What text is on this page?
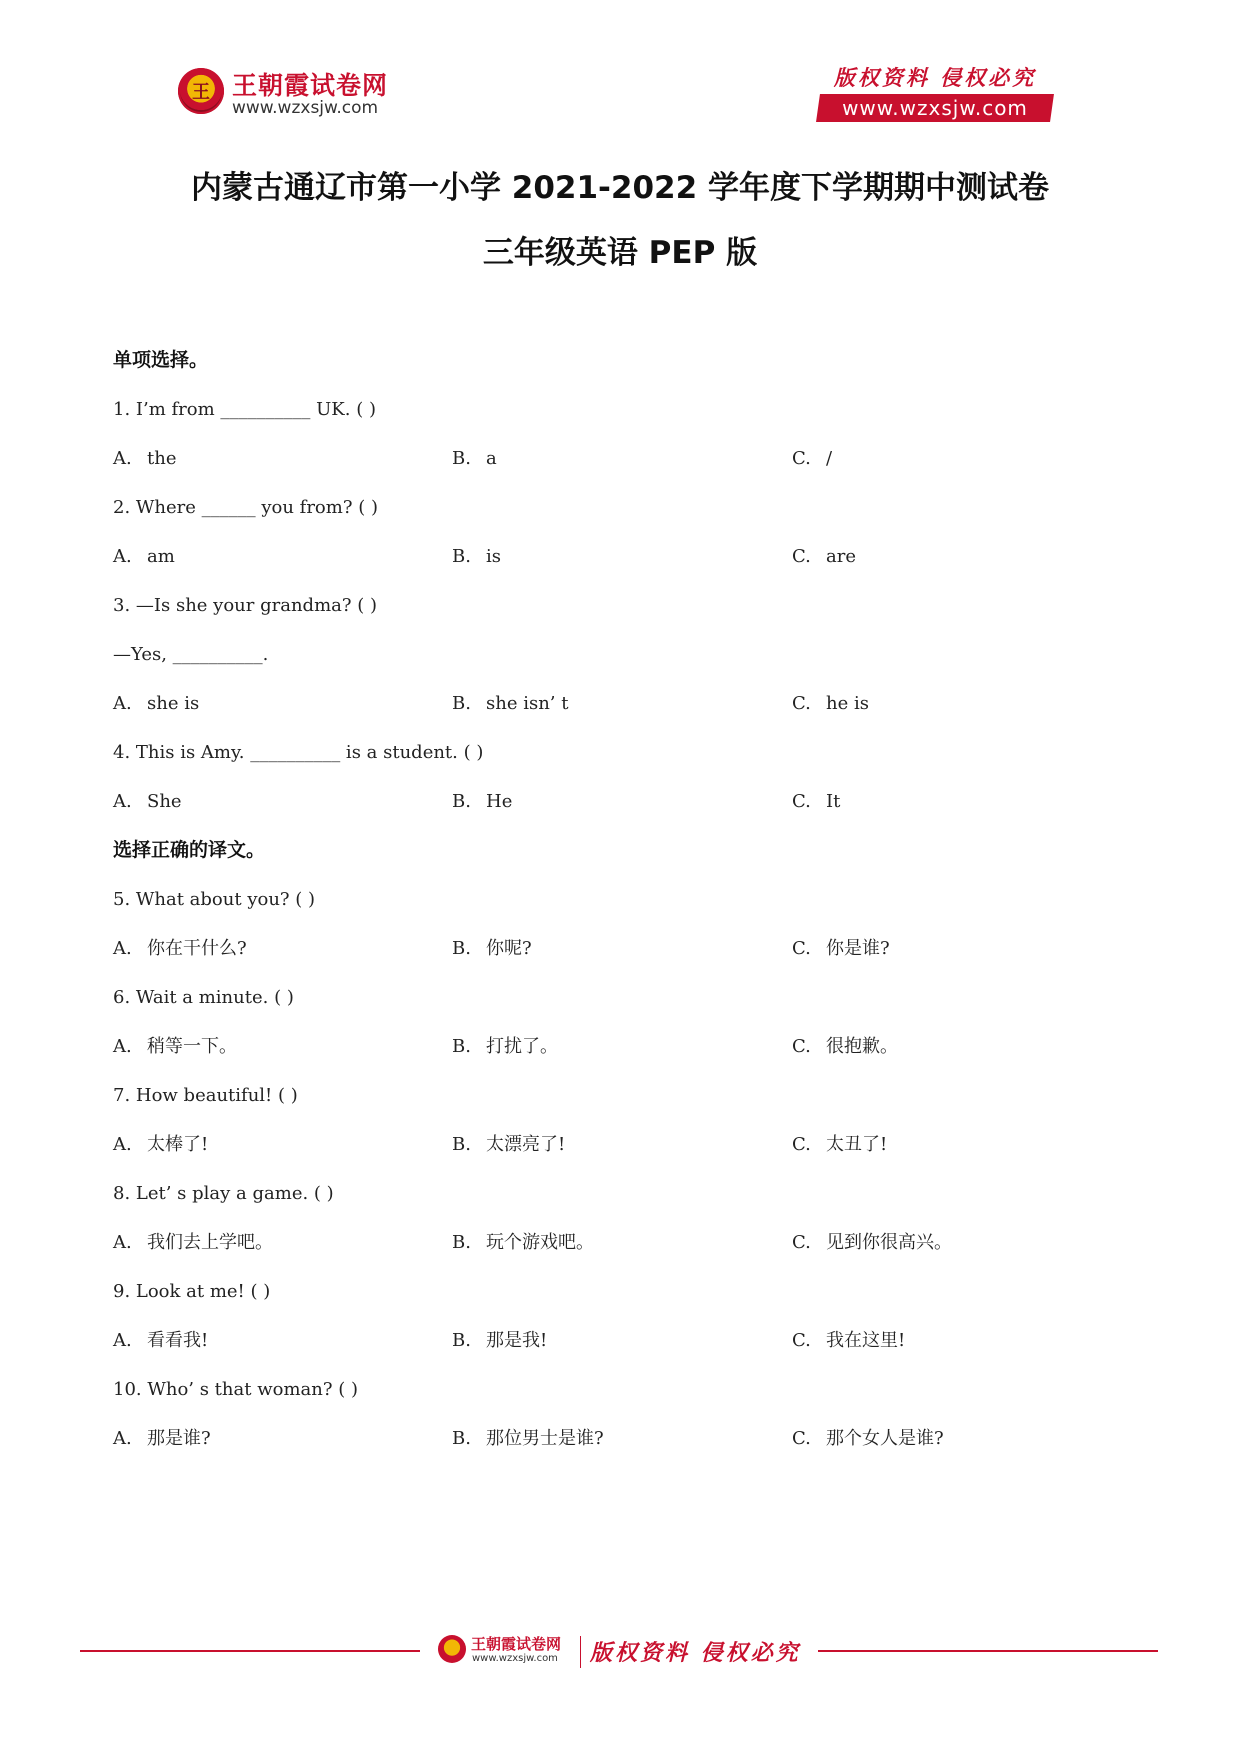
王
王朝霞试卷网
www.wzxsjw.com
版权资料 侵权必究
www.wzxsjw.com
内蒙古通辽市第一小学 2021-2022 学年度下学期期中测试卷
三年级英语 PEP 版
单项选择。
1. I’m from __________ UK. ( )
A. the	B. a	C. /
2. Where ______ you from? ( )
A. am	B. is	C. are
3. —Is she your grandma? ( )
—Yes, __________.
A. she is	B. she isn’ t	C. he is
4. This is Amy. __________ is a student. ( )
A. She	B. He	C. It
选择正确的译文。
5. What about you? ( )
A. 你在干什么?	B. 你呢?	C. 你是谁?
6. Wait a minute. ( )
A. 稍等一下。	B. 打扰了。	C. 很抱歉。
7. How beautiful! ( )
A. 太棒了!	B. 太漂亮了!	C. 太丑了!
8. Let’ s play a game. ( )
A. 我们去上学吧。	B. 玩个游戏吧。	C. 见到你很高兴。
9. Look at me! ( )
A. 看看我!	B. 那是我!	C. 我在这里!
10. Who’ s that woman? ( )
A. 那是谁?	B. 那位男士是谁?	C. 那个女人是谁?
王朝霞试卷网
www.wzxsjw.com 版权资料 侵权必究
